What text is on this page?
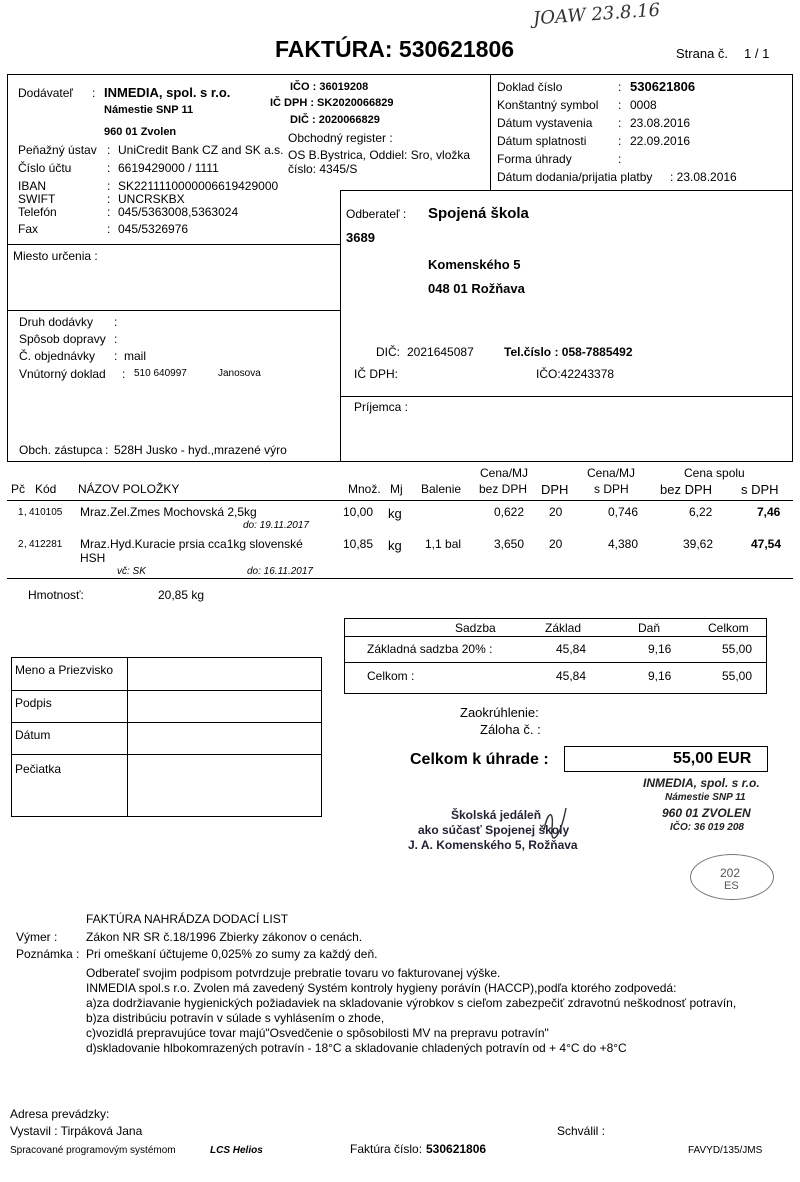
JOAW 23.8.16
FAKTÚRA: 530621806	Strana č. 1 / 1
Dodávateľ : INMEDIA, spol. s r.o.
Námestie SNP 11
960 01 Zvolen
IČO : 36019208
IČ DPH : SK2020066829
DIČ : 2020066829
Obchodný register :
OS B.Bystrica, Oddiel: Sro, vložka
číslo: 4345/S
Peňažný ústav : UniCredit Bank CZ and SK a.s.
Číslo účtu	: 6619429000 / 1111
IBAN	: SK2211110000006619429000
SWIFT	: UNCRSKBX
Telefón	: 045/5363008,5363024
Fax	: 045/5326976
Doklad číslo	: 530621806
Konštantný symbol : 0008
Dátum vystavenia : 23.08.2016
Dátum splatnosti	: 22.09.2016
Forma úhrady	:
Dátum dodania/prijatia platby : 23.08.2016
Odberateľ : Spojená škola
3689
Komenského 5
048 01 Rožňava
DIČ: 2021645087	Tel.číslo : 058-7885492
IČ DPH:	IČO:42243378
Príjemca :
Miesto určenia :
Druh dodávky :
Spôsob dopravy :
Č. objednávky : mail
Vnútorný doklad : 510 640997	Janosova
Obch. zástupca : 528H Jusko - hyd.,mrazené výro
Pč Kód NÁZOV POLOŽKY	Množ. Mj Balenie
Cena/MJ
bez DPH DPH
Cena/MJ
s DPH
Cena spolu
bez DPH s DPH
1 , 410105 Mraz.Zel.Zmes Mochovská 2,5kg	10,00 kg	0,622 20	0,746	6,22	7,46
do: 19.11.2017
2 , 412281 Mraz.Hyd.Kuracie prsia cca1kg slovenské
HSH
10,85 kg 1,1 bal	3,650 20	4,380	39,62	47,54
vč: SK	do: 16.11.2017
Hmotnosť:	20,85 kg
Sadzba	Základ	Daň	Celkom
Základná sadzba 20% :	45,84	9,16	55,00
Celkom :	45,84	9,16	55,00
Meno a Priezvisko
Podpis
Dátum
Pečiatka
Zaokrúhlenie:
Záloha č. :
Celkom k úhrade :	55,00 EUR
Školská jedáleň
ako súčasť Spojenej školy
J. A. Komenského 5, Rožňava
INMEDIA, spol. s r.o.
Námestie SNP 11
960 01 ZVOLEN
IČO: 36 019 208
202
ES
FAKTÚRA NAHRÁDZA DODACÍ LIST
Výmer : Zákon NR SR č.18/1996 Zbierky zákonov o cenách.
Poznámka : Pri omeškaní účtujeme 0,025% zo sumy za každý deň.
Odberateľ svojim podpisom potvrdzuje prebratie tovaru vo fakturovanej výške.
INMEDIA spol.s r.o. Zvolen má zavedený Systém kontroly hygieny porávín (HACCP),podľa ktorého zodpovedá:
a)za dodržiavanie hygienických požiadaviek na skladovanie výrobkov s cieľom zabezpečiť zdravotnú neškodnosť potravín,
b)za distribúciu potravín v súlade s vyhlásením o zhode,
c)vozidlá prepravujúce tovar majú"Osvedčenie o spôsobilosti MV na prepravu potravín"
d)skladovanie hlbokomrazených potravín - 18°C a skladovanie chladených potravín od + 4°C do +8°C
Adresa prevádzky:
Vystavil : Tirpáková Jana	Schválil :
Spracované programovým systémom	LCS Helios	Faktúra číslo: 530621806	FAVYD/135/JMS
